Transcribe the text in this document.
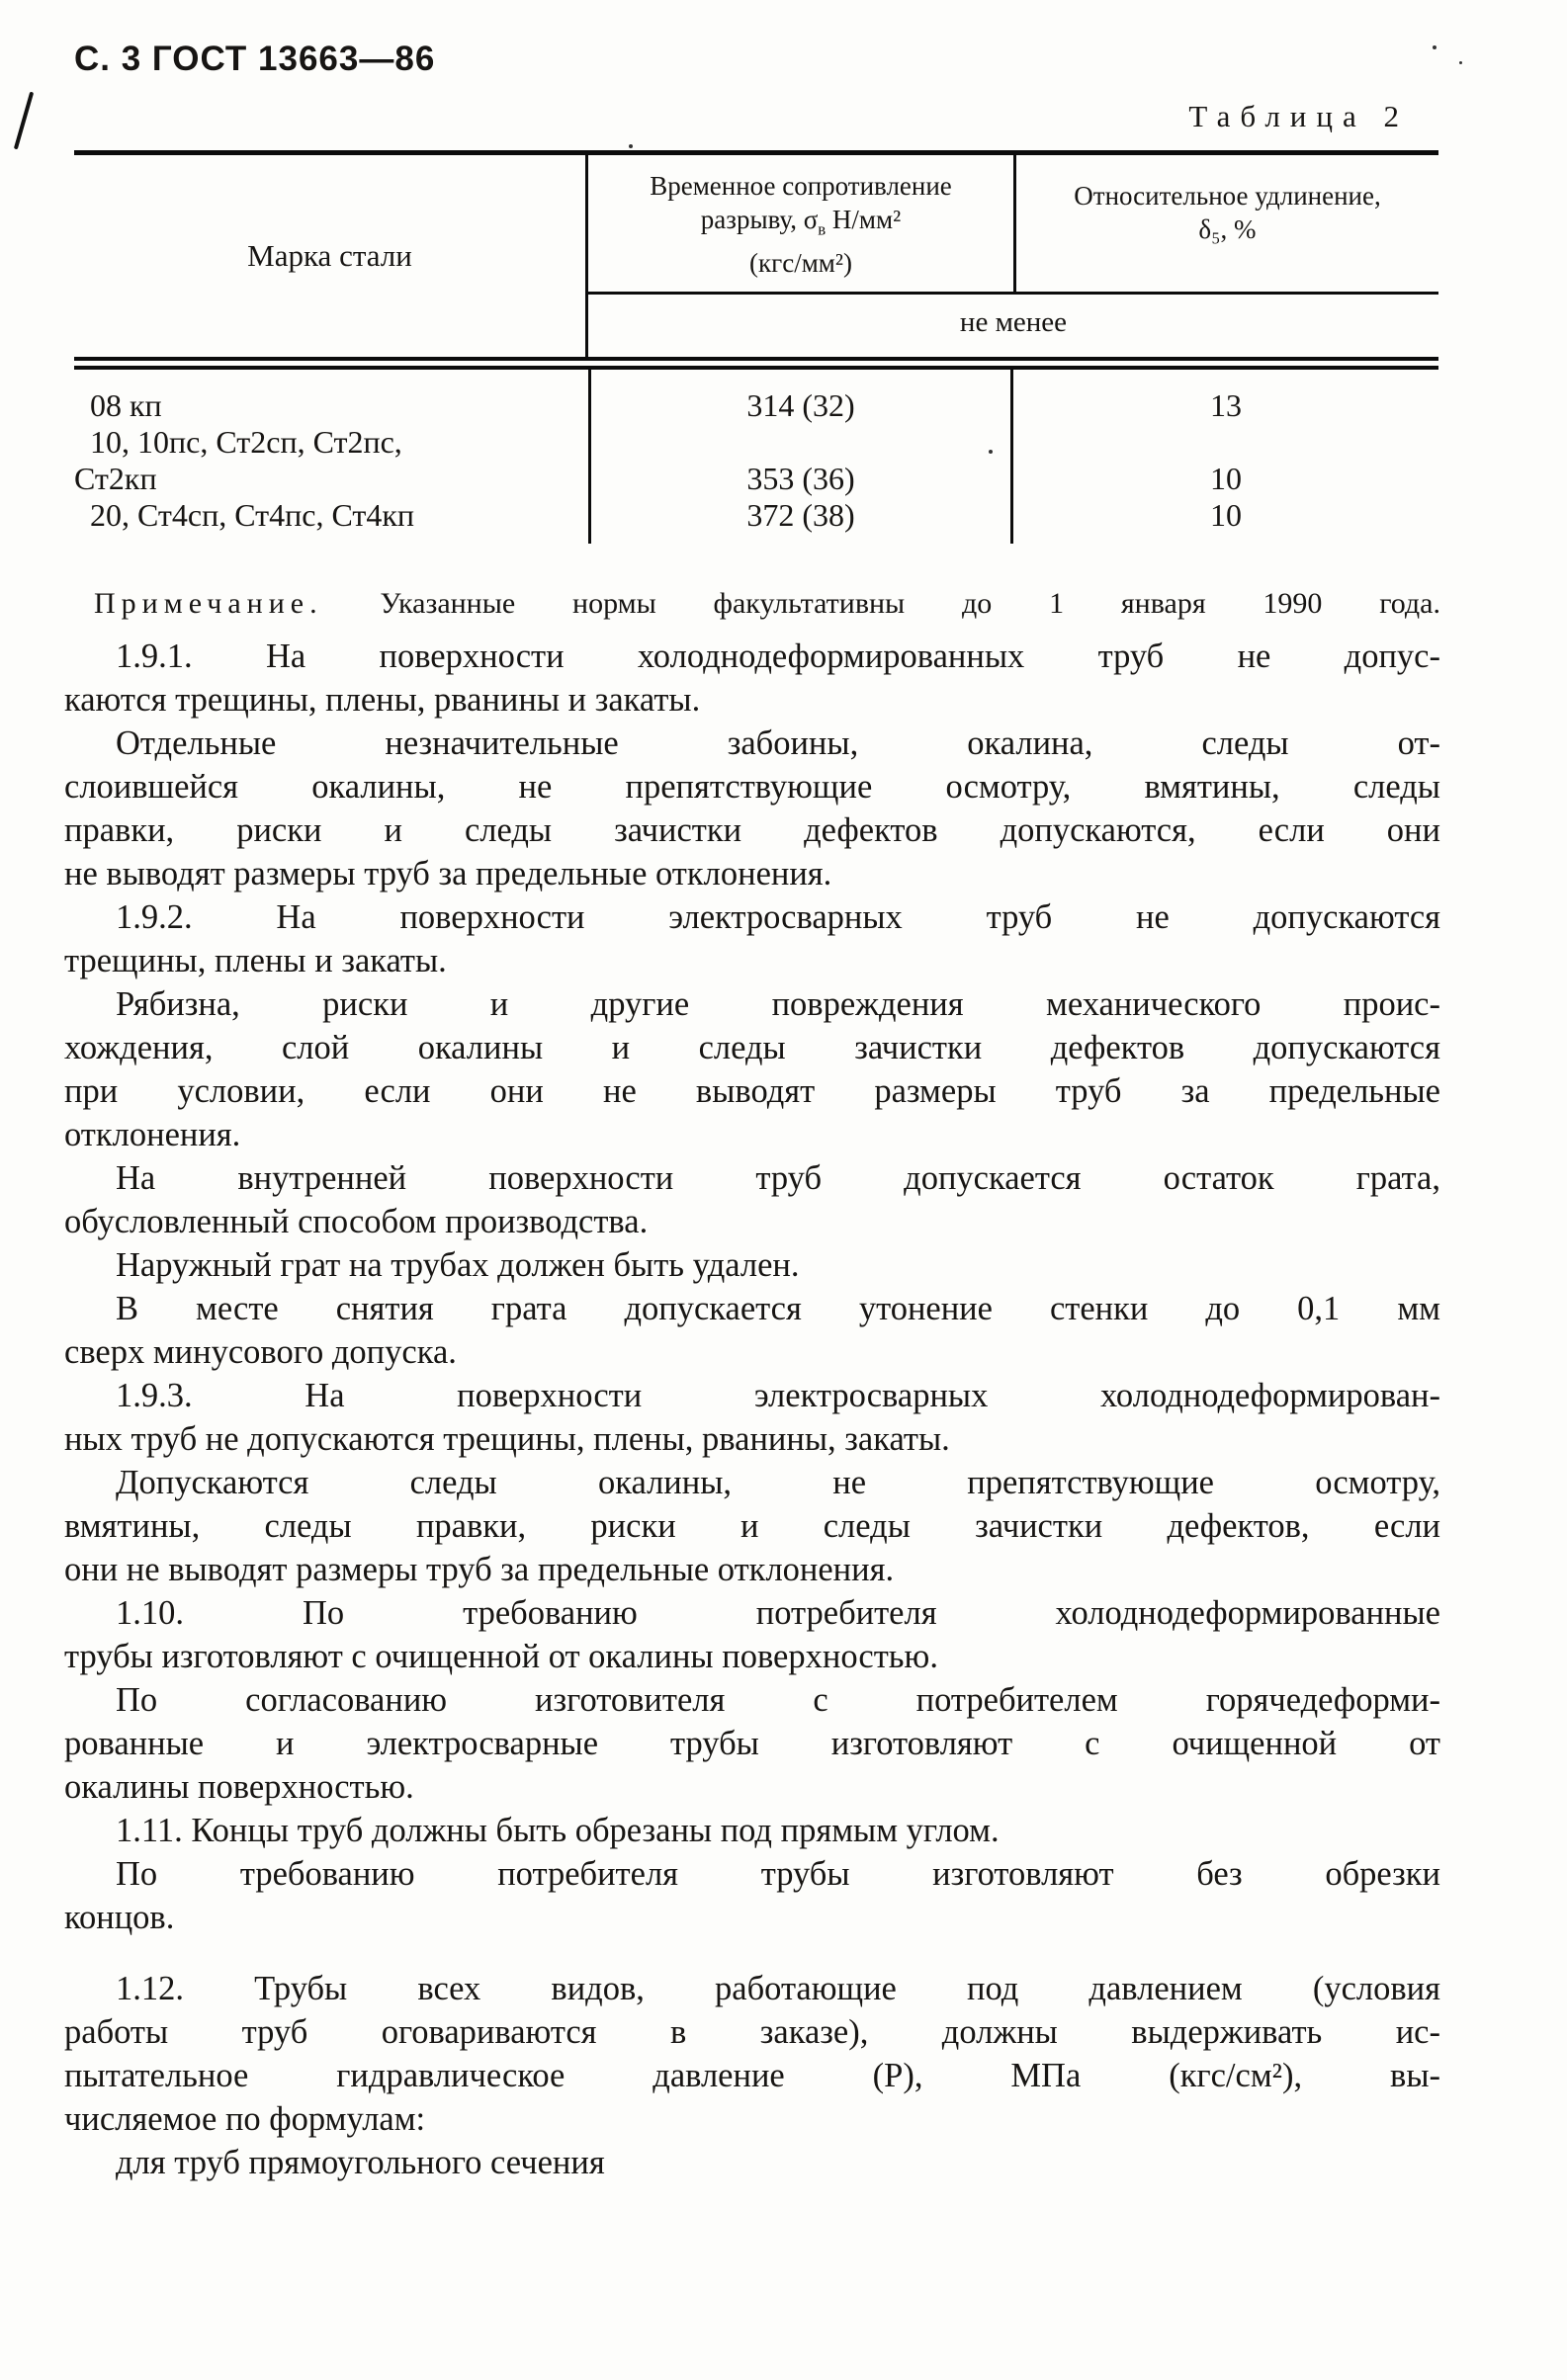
С. 3 ГОСТ 13663—86
Таблица 2
Марка стали
Временное сопротивление
разрыву, $\sigma_в$ Н/мм²
(кгс/мм²)
Относительное удлинение,
δ₅, %
не менее
08 кп
10, 10пс, Ст2сп, Ст2пс,
Ст2кп
20, Ст4сп, Ст4пс, Ст4кп
314 (32)
353 (36)
372 (38)
13
10
10
Примечание. Указанные нормы факультативны до 1 января 1990 года.
1.9.1. На поверхности холоднодеформированных труб не допус-
каются трещины, плены, рванины и закаты.
Отдельные незначительные забоины, окалина, следы от-
слоившейся окалины, не препятствующие осмотру, вмятины, следы
правки, риски и следы зачистки дефектов допускаются, если они
не выводят размеры труб за предельные отклонения.
1.9.2. На поверхности электросварных труб не допускаются
трещины, плены и закаты.
Рябизна, риски и другие повреждения механического проис-
хождения, слой окалины и следы зачистки дефектов допускаются
при условии, если они не выводят размеры труб за предельные
отклонения.
На внутренней поверхности труб допускается остаток грата,
обусловленный способом производства.
Наружный грат на трубах должен быть удален.
В месте снятия грата допускается утонение стенки до 0,1 мм
сверх минусового допуска.
1.9.3. На поверхности электросварных холоднодеформирован-
ных труб не допускаются трещины, плены, рванины, закаты.
Допускаются следы окалины, не препятствующие осмотру,
вмятины, следы правки, риски и следы зачистки дефектов, если
они не выводят размеры труб за предельные отклонения.
1.10. По требованию потребителя холоднодеформированные
трубы изготовляют с очищенной от окалины поверхностью.
По согласованию изготовителя с потребителем горячедеформи-
рованные и электросварные трубы изготовляют с очищенной от
окалины поверхностью.
1.11. Концы труб должны быть обрезаны под прямым углом.
По требованию потребителя трубы изготовляют без обрезки
концов.
1.12. Трубы всех видов, работающие под давлением (условия
работы труб оговариваются в заказе), должны выдерживать ис-
пытательное гидравлическое давление (Р), МПа (кгс/см²), вы-
числяемое по формулам:
для труб прямоугольного сечения
